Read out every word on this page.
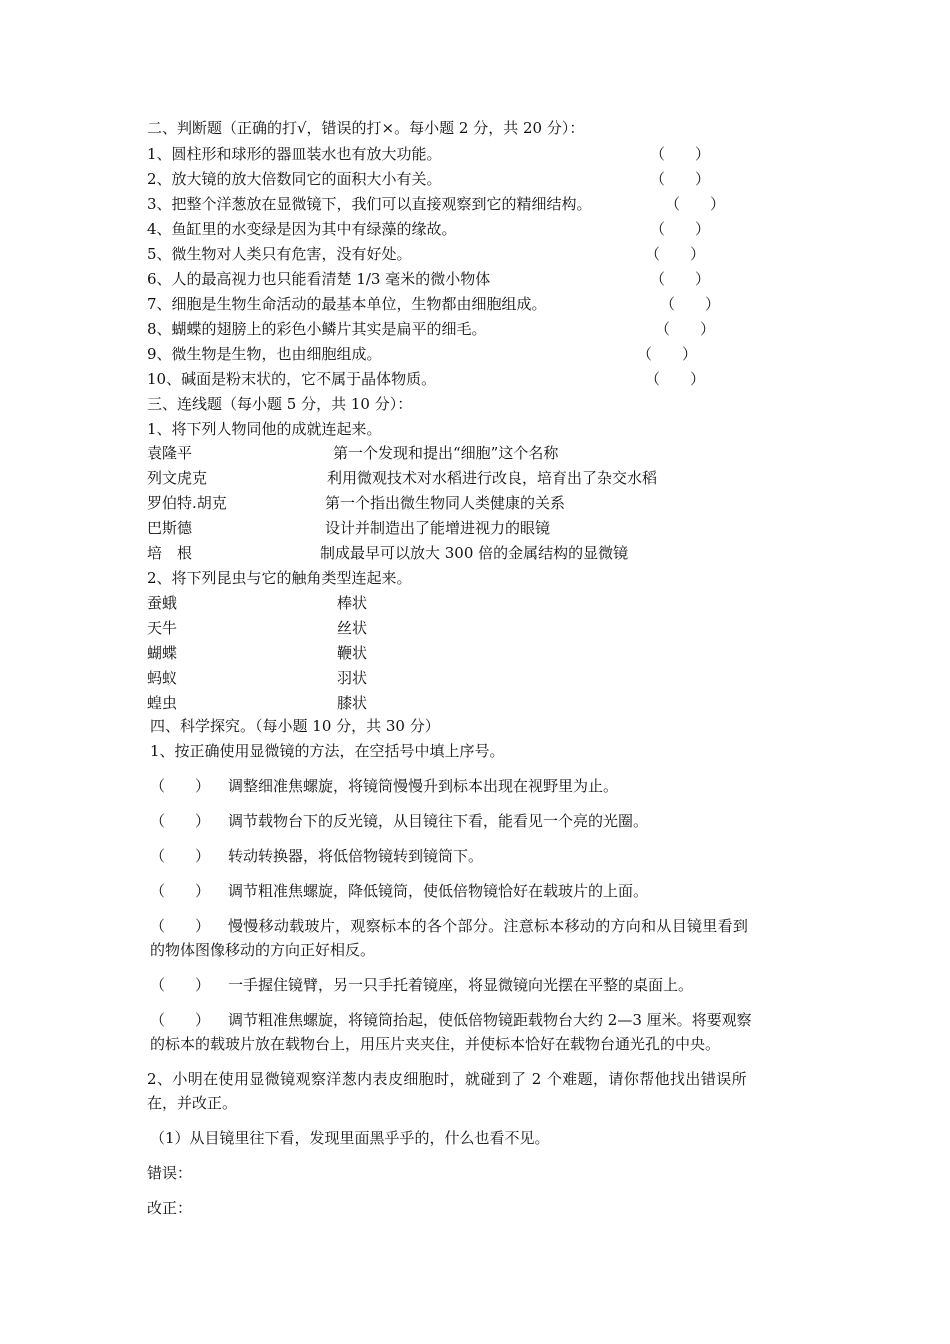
二、判断题（正确的打√，错误的打×。每小题 2 分，共 20 分）：
1、圆柱形和球形的器皿装水也有放大功能。	（　　）
2、放大镜的放大倍数同它的面积大小有关。	（　　）
3、把整个洋葱放在显微镜下，我们可以直接观察到它的精细结构。	（　　）
4、鱼缸里的水变绿是因为其中有绿藻的缘故。	（　　）
5、微生物对人类只有危害，没有好处。	（　　）
6、人的最高视力也只能看清楚 1/3 毫米的微小物体	（　　）
7、细胞是生物生命活动的最基本单位，生物都由细胞组成。	（　　）
8、蝴蝶的翅膀上的彩色小鳞片其实是扁平的细毛。	（　　）
9、微生物是生物，也由细胞组成。	（　　）
10、碱面是粉末状的，它不属于晶体物质。	（　　）
三、连线题（每小题 5 分，共 10 分）：
1、将下列人物同他的成就连起来。
袁隆平	第一个发现和提出“细胞”这个名称
列文虎克	利用微观技术对水稻进行改良，培育出了杂交水稻
罗伯特.胡克	第一个指出微生物同人类健康的关系
巴斯德	设计并制造出了能增进视力的眼镜
培　根	制成最早可以放大 300 倍的金属结构的显微镜
2、将下列昆虫与它的触角类型连起来。
蚕蛾	棒状
天牛	丝状
蝴蝶	鞭状
蚂蚁	羽状
蝗虫	膝状
四、科学探究。（每小题 10 分，共 30 分）
1、按正确使用显微镜的方法，在空括号中填上序号。
（　　） 调整细准焦螺旋，将镜筒慢慢升到标本出现在视野里为止。
（　　） 调节载物台下的反光镜，从目镜往下看，能看见一个亮的光圈。
（　　） 转动转换器，将低倍物镜转到镜筒下。
（　　） 调节粗准焦螺旋，降低镜筒，使低倍物镜恰好在载玻片的上面。
（　　） 慢慢移动载玻片，观察标本的各个部分。注意标本移动的方向和从目镜里看到
的物体图像移动的方向正好相反。
（　　） 一手握住镜臂，另一只手托着镜座，将显微镜向光摆在平整的桌面上。
（　　） 调节粗准焦螺旋，将镜筒抬起，使低倍物镜距载物台大约 2—3 厘米。将要观察
的标本的载玻片放在载物台上，用压片夹夹住，并使标本恰好在载物台通光孔的中央。
2、小明在使用显微镜观察洋葱内表皮细胞时，就碰到了 2 个难题，请你帮他找出错误所
在，并改正。
（1）从目镜里往下看，发现里面黑乎乎的，什么也看不见。
错误：
改正：
